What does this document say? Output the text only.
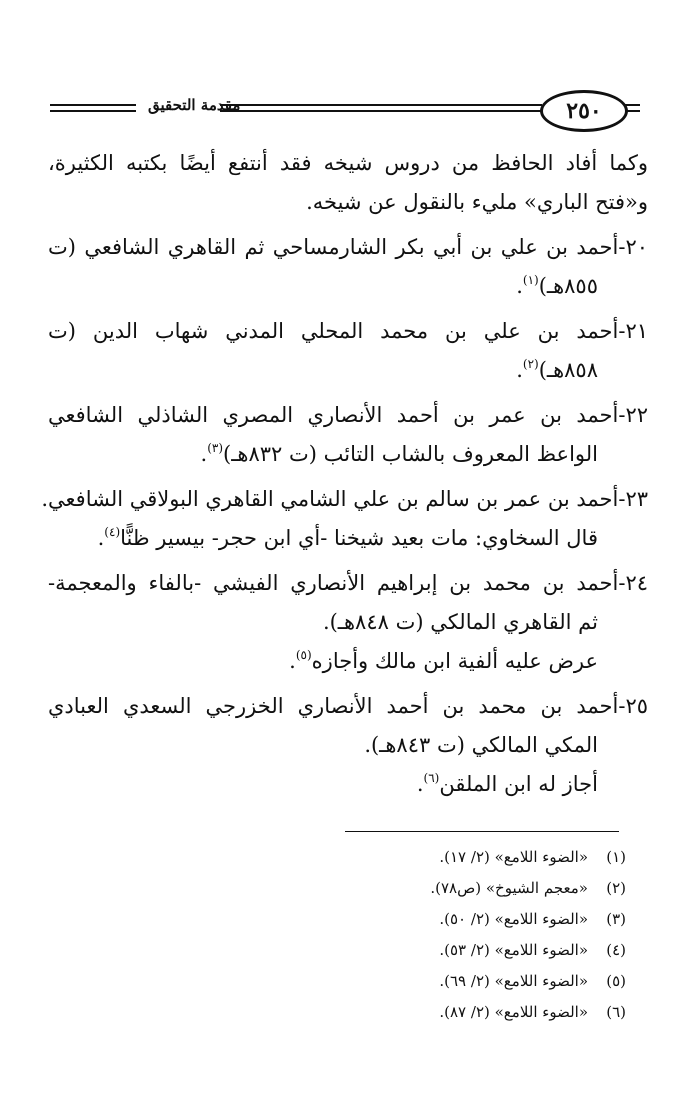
مقدمة التحقيق	٢٥٠
وكما أفاد الحافظ من دروس شيخه فقد أنتفع أيضًا بكتبه الكثيرة،
و«فتح الباري» مليء بالنقول عن شيخه.
٢٠-أحمد بن علي بن أبي بكر الشارمساحي ثم القاهري الشافعي (ت
٨٥٥هـ)$^{(١)}$.
٢١-أحمد بن علي بن محمد المحلي المدني شهاب الدين (ت
٨٥٨هـ)$^{(٢)}$.
٢٢-أحمد بن عمر بن أحمد الأنصاري المصري الشاذلي الشافعي
الواعظ المعروف بالشاب التائب (ت ٨٣٢هـ)$^{(٣)}$.
٢٣-أحمد بن عمر بن سالم بن علي الشامي القاهري البولاقي الشافعي.
قال السخاوي: مات بعيد شيخنا -أي ابن حجر- بيسير ظنًّا$^{(٤)}$.
٢٤-أحمد بن محمد بن إبراهيم الأنصاري الفيشي -بالفاء والمعجمة-
ثم القاهري المالكي (ت ٨٤٨هـ).
عرض عليه ألفية ابن مالك وأجازه$^{(٥)}$.
٢٥-أحمد بن محمد بن أحمد الأنصاري الخزرجي السعدي العبادي
المكي المالكي (ت ٨٤٣هـ).
أجاز له ابن الملقن$^{(٦)}$.
(١)«الضوء اللامع» (٢/ ١٧).
(٢)«معجم الشيوخ» (ص٧٨).
(٣)«الضوء اللامع» (٢/ ٥٠).
(٤)«الضوء اللامع» (٢/ ٥٣).
(٥)«الضوء اللامع» (٢/ ٦٩).
(٦)«الضوء اللامع» (٢/ ٨٧).
